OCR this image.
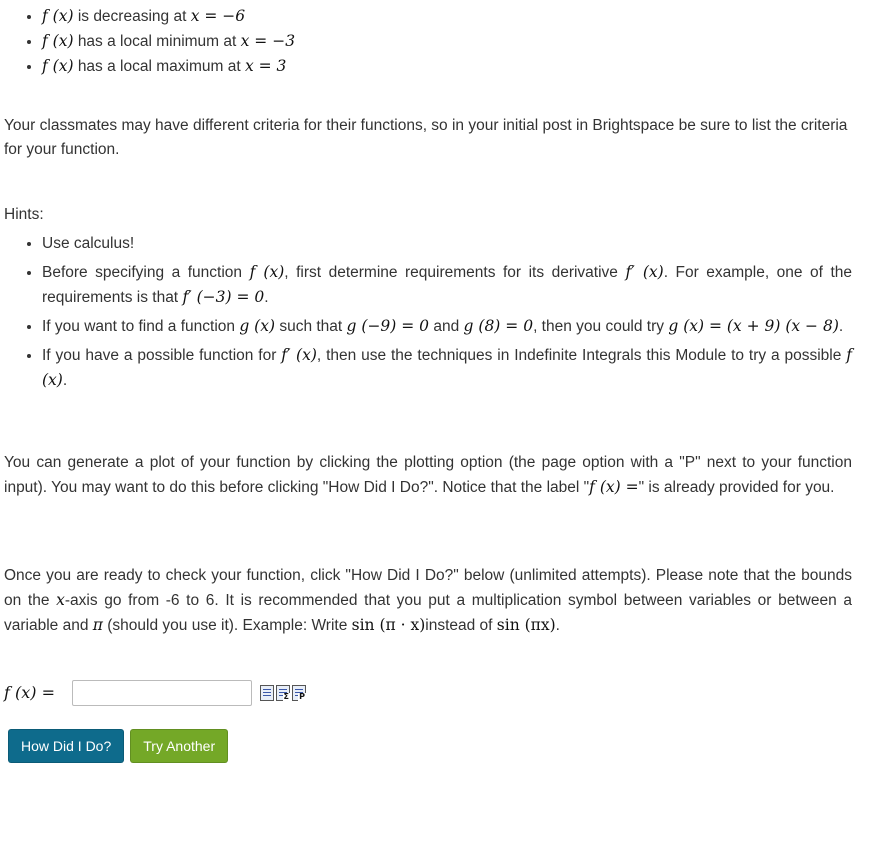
• f (x) is decreasing at x = −6
• f (x) has a local minimum at x = −3
• f (x) has a local maximum at x = 3

Your classmates may have different criteria for their functions, so in your initial post in Brightspace be sure to list the criteria for your function.

Hints:
• Use calculus!
• Before specifying a function f (x), first determine requirements for its derivative f′ (x). For example, one of the requirements is that f′ (−3) = 0.
• If you want to find a function g (x) such that g (−9) = 0 and g (8) = 0, then you could try g (x) = (x + 9) (x − 8).
• If you have a possible function for f′ (x), then use the techniques in Indefinite Integrals this Module to try a possible f (x).

You can generate a plot of your function by clicking the plotting option (the page option with a "P" next to your function input). You may want to do this before clicking "How Did I Do?". Notice that the label "f (x) =" is already provided for you.

Once you are ready to check your function, click "How Did I Do?" below (unlimited attempts). Please note that the bounds on the x-axis go from -6 to 6. It is recommended that you put a multiplication symbol between variables or between a variable and π (should you use it). Example: Write sin (π · x)instead of sin (πx).

f (x) =	Σ P
How Did I Do?	Try Another
